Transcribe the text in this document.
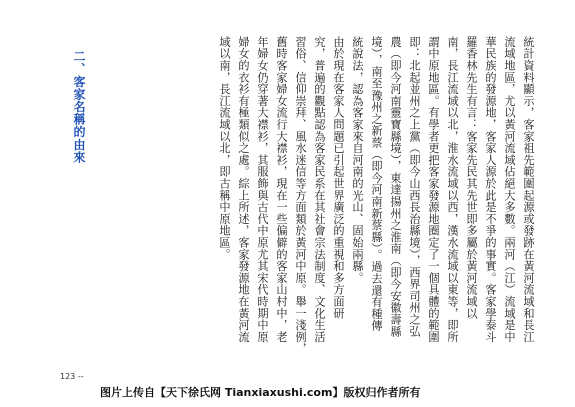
統計資料顯示，客家祖先範圍起源或發跡在黃河流域和長江
流域地區，尤以黃河流域佔絕大多數。兩河（江）流域是中
華民族的發源地，客家人源於此是不爭的事實。客家學泰斗
羅香林先生有言：客家先民其先世即多屬於黃河流域以
南，長江流域以北，淮水流域以西，漢水流域以東等，即所
謂中原地區。有學者更把客家發源地圈定了一個具體的範圍
即：北起並州之上黨（即今山西長治縣境），西界司州之弘
農（即今河南靈寶縣境），東達揚州之淮南（即今安徽壽縣
境），南至豫州之新蔡（即今河南新蔡縣）。過去還有種傳
統說法，認為客家來自河南的光山、固始兩縣。
由於現在客家人問題已引起世界廣泛的重視和多方面研
究，普遍的觀點認為客家民系在其社會宗法制度、文化生活
習俗、信仰崇拜、風水迷信等方面類於黃河中原。舉一淺例，
舊時客家婦女流行大襟衫，現在一些偏僻的客家山村中，老
年婦女仍穿著大襟衫，其服飾與古代中原尤其宋代時期中原
婦女的衣衫有極類似之處。綜上所述，客家發源地在黃河流
域以南，長江流域以北，即古稱中原地區。
二、客家名稱的由來
123 --
图片上传自【天下徐氏网 Tianxiaxushi.com】版权归作者所有
